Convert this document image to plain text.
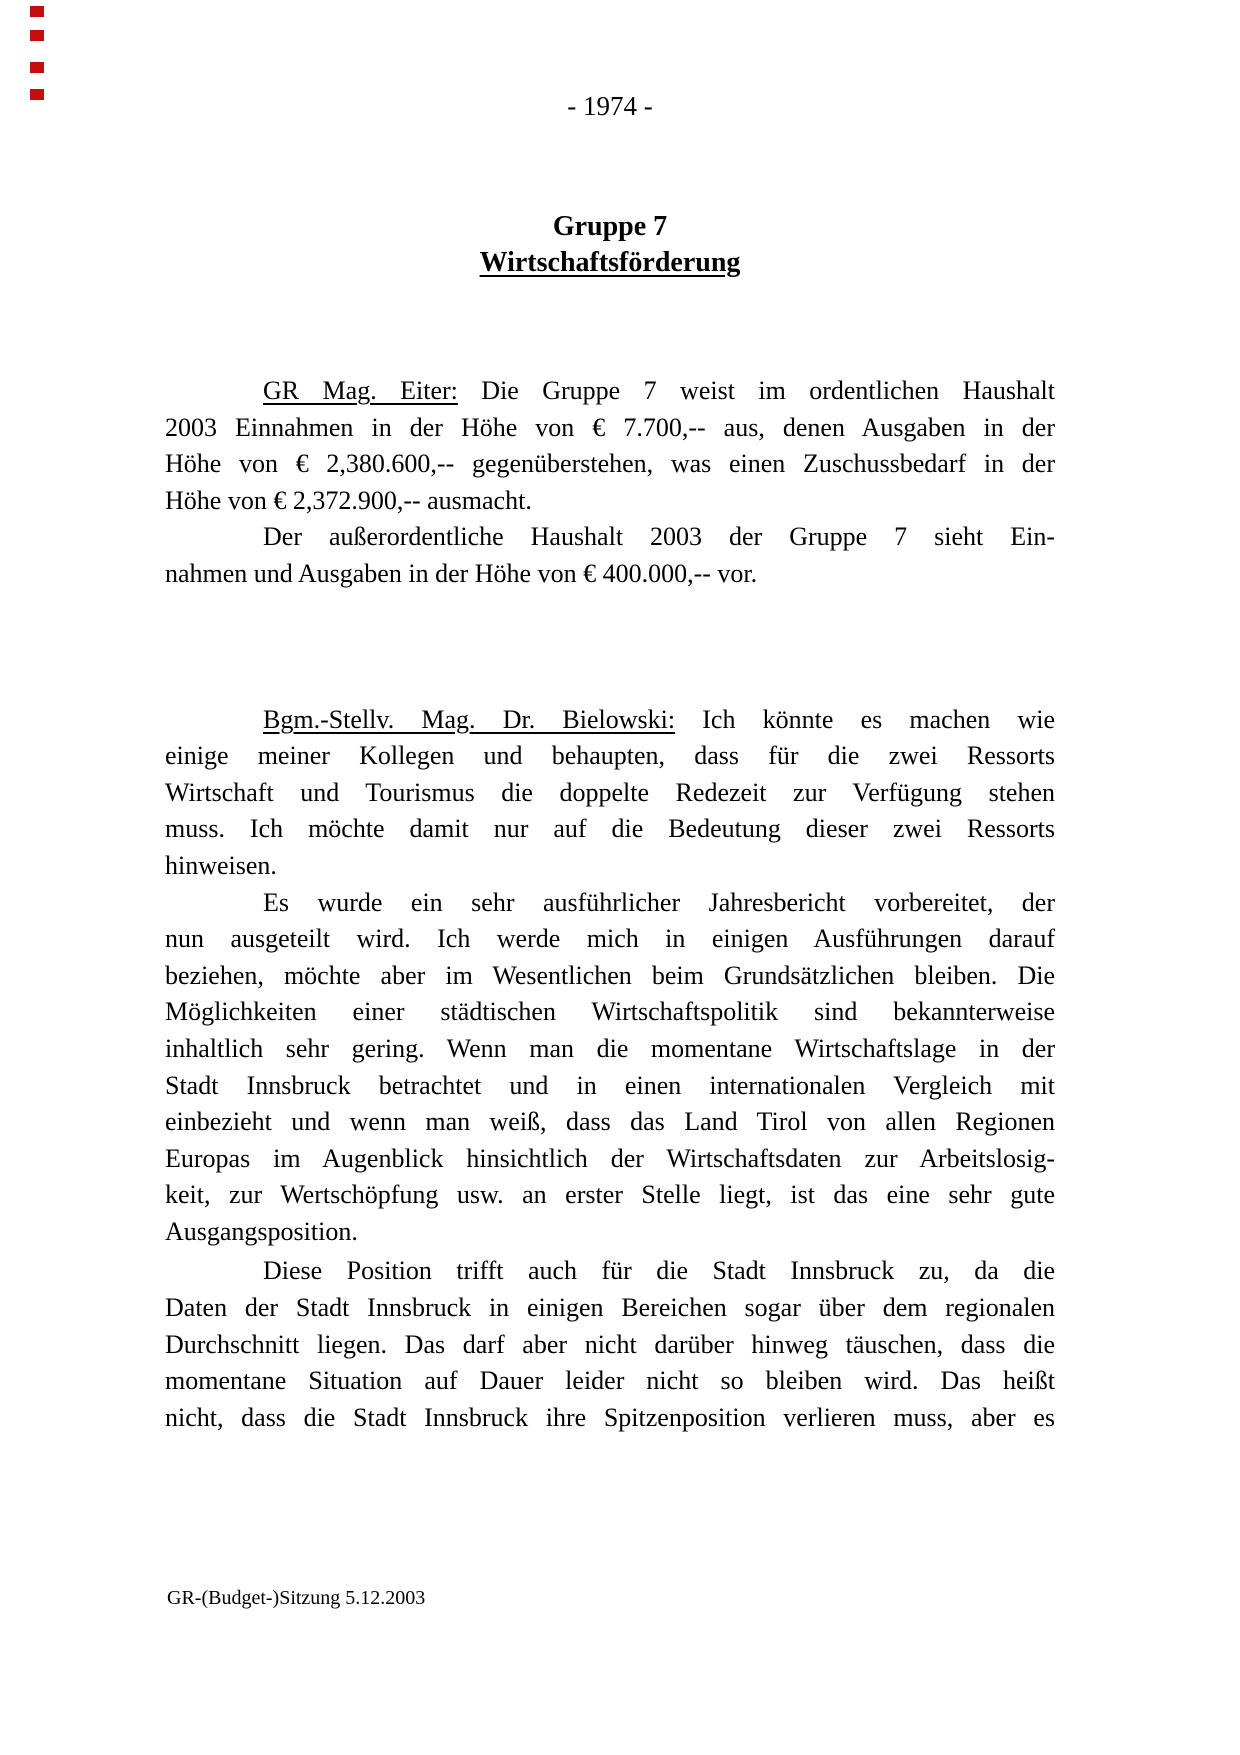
- 1974 -
Gruppe 7
Wirtschaftsförderung
GR Mag. Eiter: Die Gruppe 7 weist im ordentlichen Haushalt
2003 Einnahmen in der Höhe von € 7.700,-- aus, denen Ausgaben in der
Höhe von € 2,380.600,-- gegenüberstehen, was einen Zuschussbedarf in der
Höhe von € 2,372.900,-- ausmacht.
Der außerordentliche Haushalt 2003 der Gruppe 7 sieht Ein-
nahmen und Ausgaben in der Höhe von € 400.000,-- vor.
Bgm.-Stellv. Mag. Dr. Bielowski: Ich könnte es machen wie
einige meiner Kollegen und behaupten, dass für die zwei Ressorts
Wirtschaft und Tourismus die doppelte Redezeit zur Verfügung stehen
muss. Ich möchte damit nur auf die Bedeutung dieser zwei Ressorts
hinweisen.
Es wurde ein sehr ausführlicher Jahresbericht vorbereitet, der
nun ausgeteilt wird. Ich werde mich in einigen Ausführungen darauf
beziehen, möchte aber im Wesentlichen beim Grundsätzlichen bleiben. Die
Möglichkeiten einer städtischen Wirtschaftspolitik sind bekannterweise
inhaltlich sehr gering. Wenn man die momentane Wirtschaftslage in der
Stadt Innsbruck betrachtet und in einen internationalen Vergleich mit
einbezieht und wenn man weiß, dass das Land Tirol von allen Regionen
Europas im Augenblick hinsichtlich der Wirtschaftsdaten zur Arbeitslosig-
keit, zur Wertschöpfung usw. an erster Stelle liegt, ist das eine sehr gute
Ausgangsposition.
Diese Position trifft auch für die Stadt Innsbruck zu, da die
Daten der Stadt Innsbruck in einigen Bereichen sogar über dem regionalen
Durchschnitt liegen. Das darf aber nicht darüber hinweg täuschen, dass die
momentane Situation auf Dauer leider nicht so bleiben wird. Das heißt
nicht, dass die Stadt Innsbruck ihre Spitzenposition verlieren muss, aber es
GR-(Budget-)Sitzung 5.12.2003
